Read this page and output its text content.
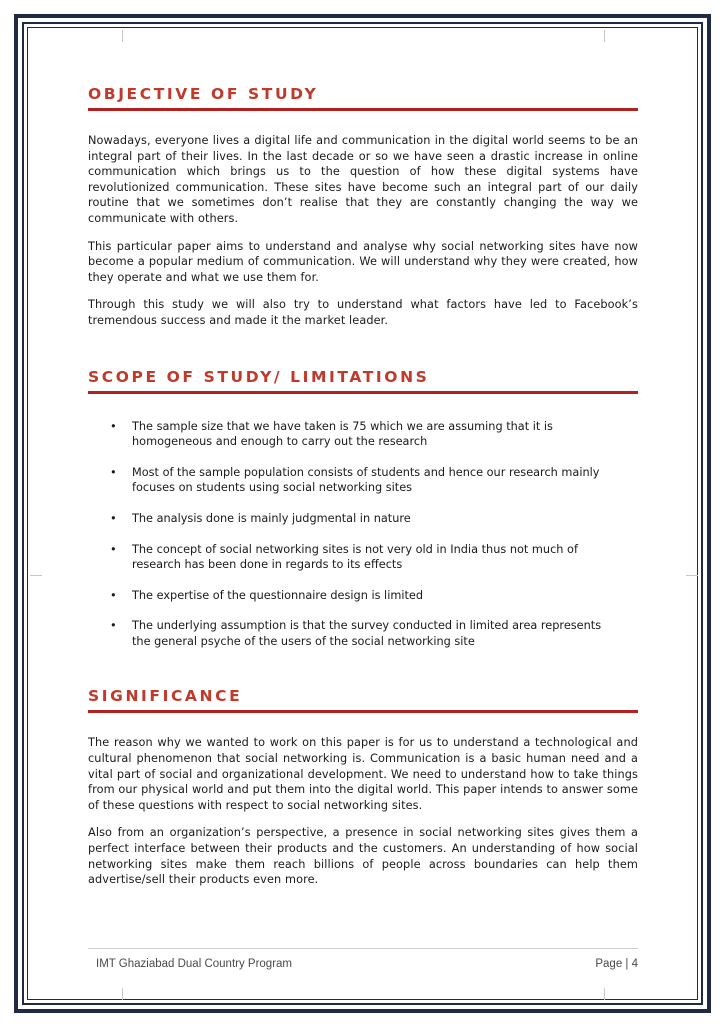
OBJECTIVE OF STUDY

Nowadays, everyone lives a digital life and communication in the digital world seems to be an integral part of their lives. In the last decade or so we have seen a drastic increase in online communication which brings us to the question of how these digital systems have revolutionized communication. These sites have become such an integral part of our daily routine that we sometimes don’t realise that they are constantly changing the way we communicate with others.

This particular paper aims to understand and analyse why social networking sites have now become a popular medium of communication. We will understand why they were created, how they operate and what we use them for.

Through this study we will also try to understand what factors have led to Facebook’s tremendous success and made it the market leader.

SCOPE OF STUDY/ LIMITATIONS
• The sample size that we have taken is 75 which we are assuming that it is homogeneous and enough to carry out the research
• Most of the sample population consists of students and hence our research mainly focuses on students using social networking sites
• The analysis done is mainly judgmental in nature
• The concept of social networking sites is not very old in India thus not much of research has been done in regards to its effects
• The expertise of the questionnaire design is limited
• The underlying assumption is that the survey conducted in limited area represents the general psyche of the users of the social networking site
SIGNIFICANCE

The reason why we wanted to work on this paper is for us to understand a technological and cultural phenomenon that social networking is. Communication is a basic human need and a vital part of social and organizational development. We need to understand how to take things from our physical world and put them into the digital world. This paper intends to answer some of these questions with respect to social networking sites.

Also from an organization’s perspective, a presence in social networking sites gives them a perfect interface between their products and the customers. An understanding of how social networking sites make them reach billions of people across boundaries can help them advertise/sell their products even more.

IMT Ghaziabad Dual Country Program	Page | 4
